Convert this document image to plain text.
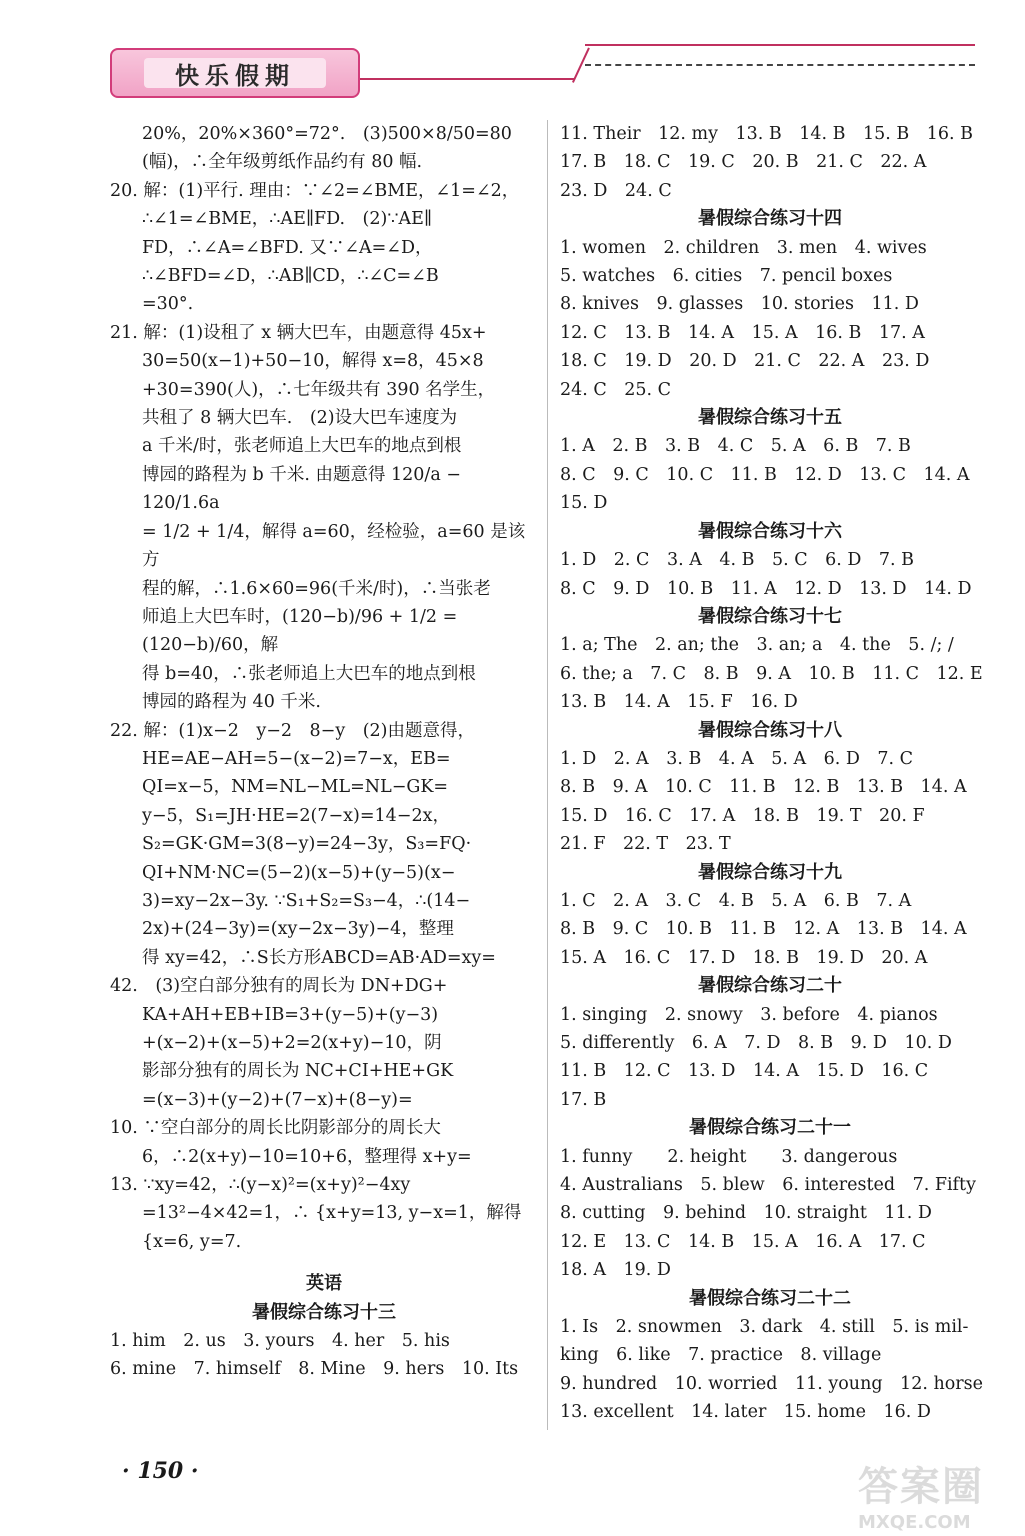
快乐假期

20%，20%×360°=72°.　(3)500×8/50=80

(幅)，∴全年级剪纸作品约有 80 幅.

20. 解：(1)平行. 理由：∵∠2=∠BME，∠1=∠2，

∴∠1=∠BME，∴AE∥FD.　(2)∵AE∥

FD，∴∠A=∠BFD. 又∵∠A=∠D，

∴∠BFD=∠D，∴AB∥CD，∴∠C=∠B

=30°.

21. 解：(1)设租了 x 辆大巴车，由题意得 45x+

30=50(x−1)+50−10，解得 x=8，45×8

+30=390(人)，∴七年级共有 390 名学生，

共租了 8 辆大巴车.　(2)设大巴车速度为

a 千米/时，张老师追上大巴车的地点到根

博园的路程为 b 千米. 由题意得 120/a − 120/1.6a

= 1/2 + 1/4，解得 a=60，经检验，a=60 是该方

程的解，∴1.6×60=96(千米/时)，∴当张老

师追上大巴车时，(120−b)/96 + 1/2 = (120−b)/60，解

得 b=40，∴张老师追上大巴车的地点到根

博园的路程为 40 千米.

22. 解：(1)x−2　y−2　8−y　(2)由题意得，

HE=AE−AH=5−(x−2)=7−x，EB=

QI=x−5，NM=NL−ML=NL−GK=

y−5，S₁=JH·HE=2(7−x)=14−2x，

S₂=GK·GM=3(8−y)=24−3y，S₃=FQ·

QI+NM·NC=(5−2)(x−5)+(y−5)(x−

3)=xy−2x−3y. ∵S₁+S₂=S₃−4，∴(14−

2x)+(24−3y)=(xy−2x−3y)−4，整理

得 xy=42，∴S长方形ABCD=AB·AD=xy=

42.　(3)空白部分独有的周长为 DN+DG+

KA+AH+EB+IB=3+(y−5)+(y−3)

+(x−2)+(x−5)+2=2(x+y)−10，阴

影部分独有的周长为 NC+CI+HE+GK

=(x−3)+(y−2)+(7−x)+(8−y)=

10. ∵空白部分的周长比阴影部分的周长大

6，∴2(x+y)−10=10+6，整理得 x+y=

13. ∵xy=42，∴(y−x)²=(x+y)²−4xy

=13²−4×42=1，∴ {x+y=13, y−x=1，解得

{x=6, y=7.

英语

暑假综合练习十三

1. him　2. us　3. yours　4. her　5. his

6. mine　7. himself　8. Mine　9. hers　10. Its

11. Their　12. my　13. B　14. B　15. B　16. B

17. B　18. C　19. C　20. B　21. C　22. A

23. D　24. C

暑假综合练习十四

1. women　2. children　3. men　4. wives

5. watches　6. cities　7. pencil boxes

8. knives　9. glasses　10. stories　11. D

12. C　13. B　14. A　15. A　16. B　17. A

18. C　19. D　20. D　21. C　22. A　23. D

24. C　25. C

暑假综合练习十五

1. A　2. B　3. B　4. C　5. A　6. B　7. B

8. C　9. C　10. C　11. B　12. D　13. C　14. A

15. D

暑假综合练习十六

1. D　2. C　3. A　4. B　5. C　6. D　7. B

8. C　9. D　10. B　11. A　12. D　13. D　14. D

暑假综合练习十七

1. a; The　2. an; the　3. an; a　4. the　5. /; /

6. the; a　7. C　8. B　9. A　10. B　11. C　12. E

13. B　14. A　15. F　16. D

暑假综合练习十八

1. D　2. A　3. B　4. A　5. A　6. D　7. C

8. B　9. A　10. C　11. B　12. B　13. B　14. A

15. D　16. C　17. A　18. B　19. T　20. F

21. F　22. T　23. T

暑假综合练习十九

1. C　2. A　3. C　4. B　5. A　6. B　7. A

8. B　9. C　10. B　11. B　12. A　13. B　14. A

15. A　16. C　17. D　18. B　19. D　20. A

暑假综合练习二十

1. singing　2. snowy　3. before　4. pianos

5. differently　6. A　7. D　8. B　9. D　10. D

11. B　12. C　13. D　14. A　15. D　16. C

17. B

暑假综合练习二十一

1. funny　　2. height　　3. dangerous

4. Australians　5. blew　6. interested　7. Fifty

8. cutting　9. behind　10. straight　11. D

12. E　13. C　14. B　15. A　16. A　17. C

18. A　19. D

暑假综合练习二十二

1. Is　2. snowmen　3. dark　4. still　5. is mil-

king　6. like　7. practice　8. village

9. hundred　10. worried　11. young　12. horse

13. excellent　14. later　15. home　16. D

· 150 ·	答案圈
MXQE.COM
